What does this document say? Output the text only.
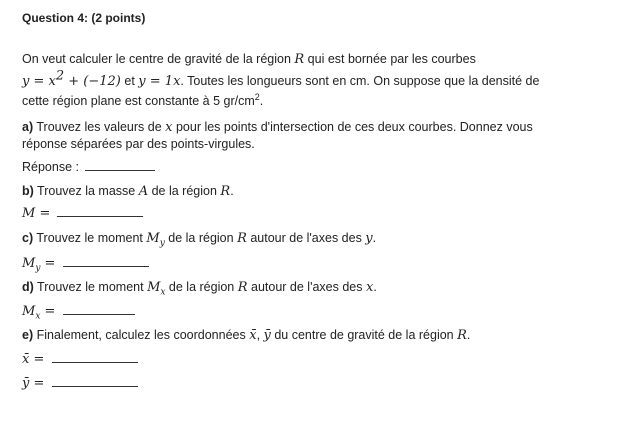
Question 4: (2 points)
On veut calculer le centre de gravité de la région R qui est bornée par les courbes
$y = x^2 + (-12)$ et y = 1x. Toutes les longueurs sont en cm. On suppose que la densité de
cette région plane est constante à 5 $gr/cm^2$.
a) Trouvez les valeurs de x pour les points d'intersection de ces deux courbes. Donnez vous
réponse séparées par des points-virgules.
Réponse :
b) Trouvez la masse A de la région R.
M =
c) Trouvez le moment $M_y$ de la région R autour de l'axes des y.
$M_y$ =
d) Trouvez le moment $M_x$ de la région R autour de l'axes des x.
$M_x$ =
e) Finalement, calculez les coordonnées x̄, ȳ du centre de gravité de la région R.
x̄ =
ȳ =
